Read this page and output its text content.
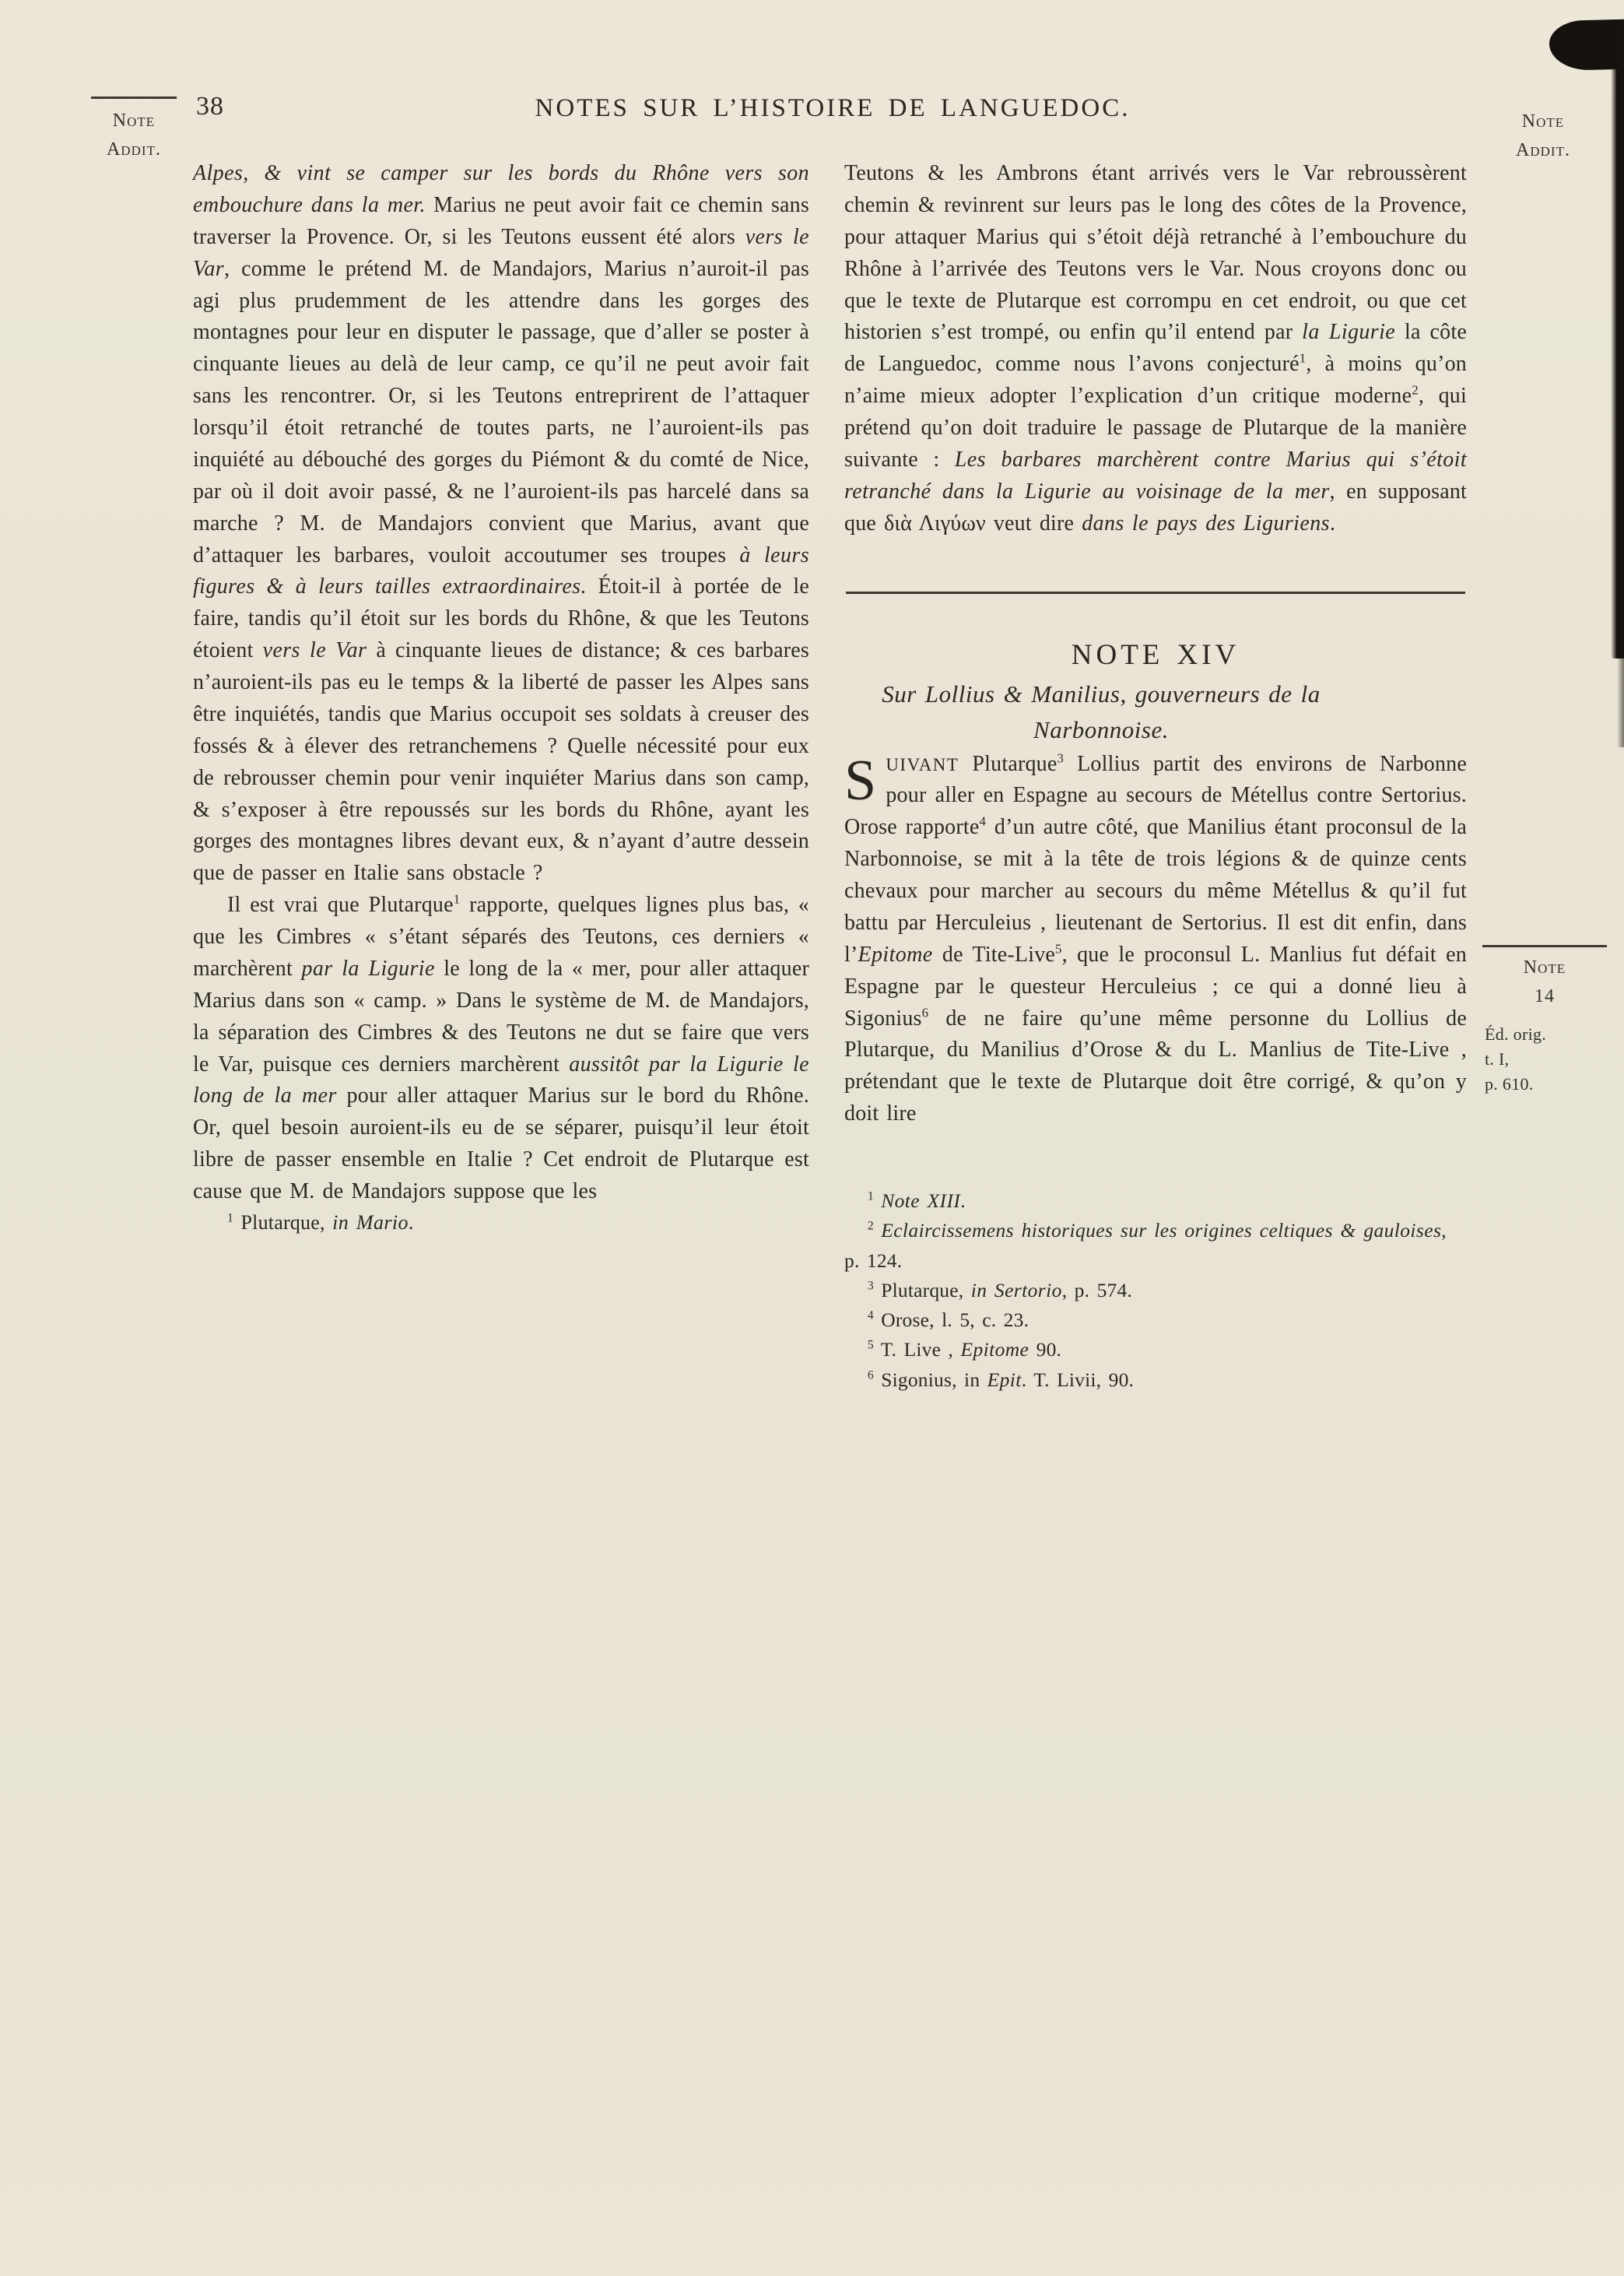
38	NOTES SUR L’HISTOIRE DE LANGUEDOC.
Note
Addit.
Note
Addit.
Note
14
Éd. orig.
t. I,
p. 610.

Alpes, & vint se camper sur les bords du Rhône vers son embouchure dans la mer. Marius ne peut avoir fait ce chemin sans traverser la Provence. Or, si les Teutons eussent été alors vers le Var, comme le prétend M. de Mandajors, Marius n’auroit-il pas agi plus prudemment de les attendre dans les gorges des montagnes pour leur en disputer le passage, que d’aller se poster à cinquante lieues au delà de leur camp, ce qu’il ne peut avoir fait sans les rencontrer. Or, si les Teutons entreprirent de l’attaquer lorsqu’il étoit retranché de toutes parts, ne l’auroient-ils pas inquiété au débouché des gorges du Piémont & du comté de Nice, par où il doit avoir passé, & ne l’auroient-ils pas harcelé dans sa marche ? M. de Mandajors convient que Marius, avant que d’attaquer les barbares, vouloit accoutumer ses troupes à leurs figures & à leurs tailles extraordinaires. Étoit-il à portée de le faire, tandis qu’il étoit sur les bords du Rhône, & que les Teutons étoient vers le Var à cinquante lieues de distance; & ces barbares n’auroient-ils pas eu le temps & la liberté de passer les Alpes sans être inquiétés, tandis que Marius occupoit ses soldats à creuser des fossés & à élever des retranchemens ? Quelle nécessité pour eux de rebrousser chemin pour venir inquiéter Marius dans son camp, & s’exposer à être repoussés sur les bords du Rhône, ayant les gorges des montagnes libres devant eux, & n’ayant d’autre dessein que de passer en Italie sans obstacle ?

Il est vrai que Plutarque$^1$ rapporte, quelques lignes plus bas, « que les Cimbres « s’étant séparés des Teutons, ces derniers « marchèrent par la Ligurie le long de la « mer, pour aller attaquer Marius dans son « camp. » Dans le système de M. de Mandajors, la séparation des Cimbres & des Teutons ne dut se faire que vers le Var, puisque ces derniers marchèrent aussitôt par la Ligurie le long de la mer pour aller attaquer Marius sur le bord du Rhône. Or, quel besoin auroient-ils eu de se séparer, puisqu’il leur étoit libre de passer ensemble en Italie ? Cet endroit de Plutarque est cause que M. de Mandajors suppose que les

$^1$ Plutarque, in Mario.

Teutons & les Ambrons étant arrivés vers le Var rebroussèrent chemin & revinrent sur leurs pas le long des côtes de la Provence, pour attaquer Marius qui s’étoit déjà retranché à l’embouchure du Rhône à l’arrivée des Teutons vers le Var. Nous croyons donc ou que le texte de Plutarque est corrompu en cet endroit, ou que cet historien s’est trompé, ou enfin qu’il entend par la Ligurie la côte de Languedoc, comme nous l’avons conjecturé$^1$, à moins qu’on n’aime mieux adopter l’explication d’un critique moderne$^2$, qui prétend qu’on doit traduire le passage de Plutarque de la manière suivante : Les barbares marchèrent contre Marius qui s’étoit retranché dans la Ligurie au voisinage de la mer, en supposant que διὰ Λιγύων veut dire dans le pays des Liguriens.

NOTE XIV

Sur Lollius & Manilius, gouverneurs de la Narbonnoise.

SUIVANT Plutarque$^3$ Lollius partit des environs de Narbonne pour aller en Espagne au secours de Métellus contre Sertorius. Orose rapporte$^4$ d’un autre côté, que Manilius étant proconsul de la Narbonnoise, se mit à la tête de trois légions & de quinze cents chevaux pour marcher au secours du même Métellus & qu’il fut battu par Herculeius , lieutenant de Sertorius. Il est dit enfin, dans l’Epitome de Tite-Live$^5$, que le proconsul L. Manlius fut défait en Espagne par le questeur Herculeius ; ce qui a donné lieu à Sigonius$^6$ de ne faire qu’une même personne du Lollius de Plutarque, du Manilius d’Orose & du L. Manlius de Tite-Live , prétendant que le texte de Plutarque doit être corrigé, & qu’on y doit lire

$^1$ Note XIII.

$^2$ Eclaircissemens historiques sur les origines celtiques & gauloises, p. 124.

$^3$ Plutarque, in Sertorio, p. 574.

$^4$ Orose, l. 5, c. 23.

$^5$ T. Live , Epitome 90.

$^6$ Sigonius, in Epit. T. Livii, 90.
